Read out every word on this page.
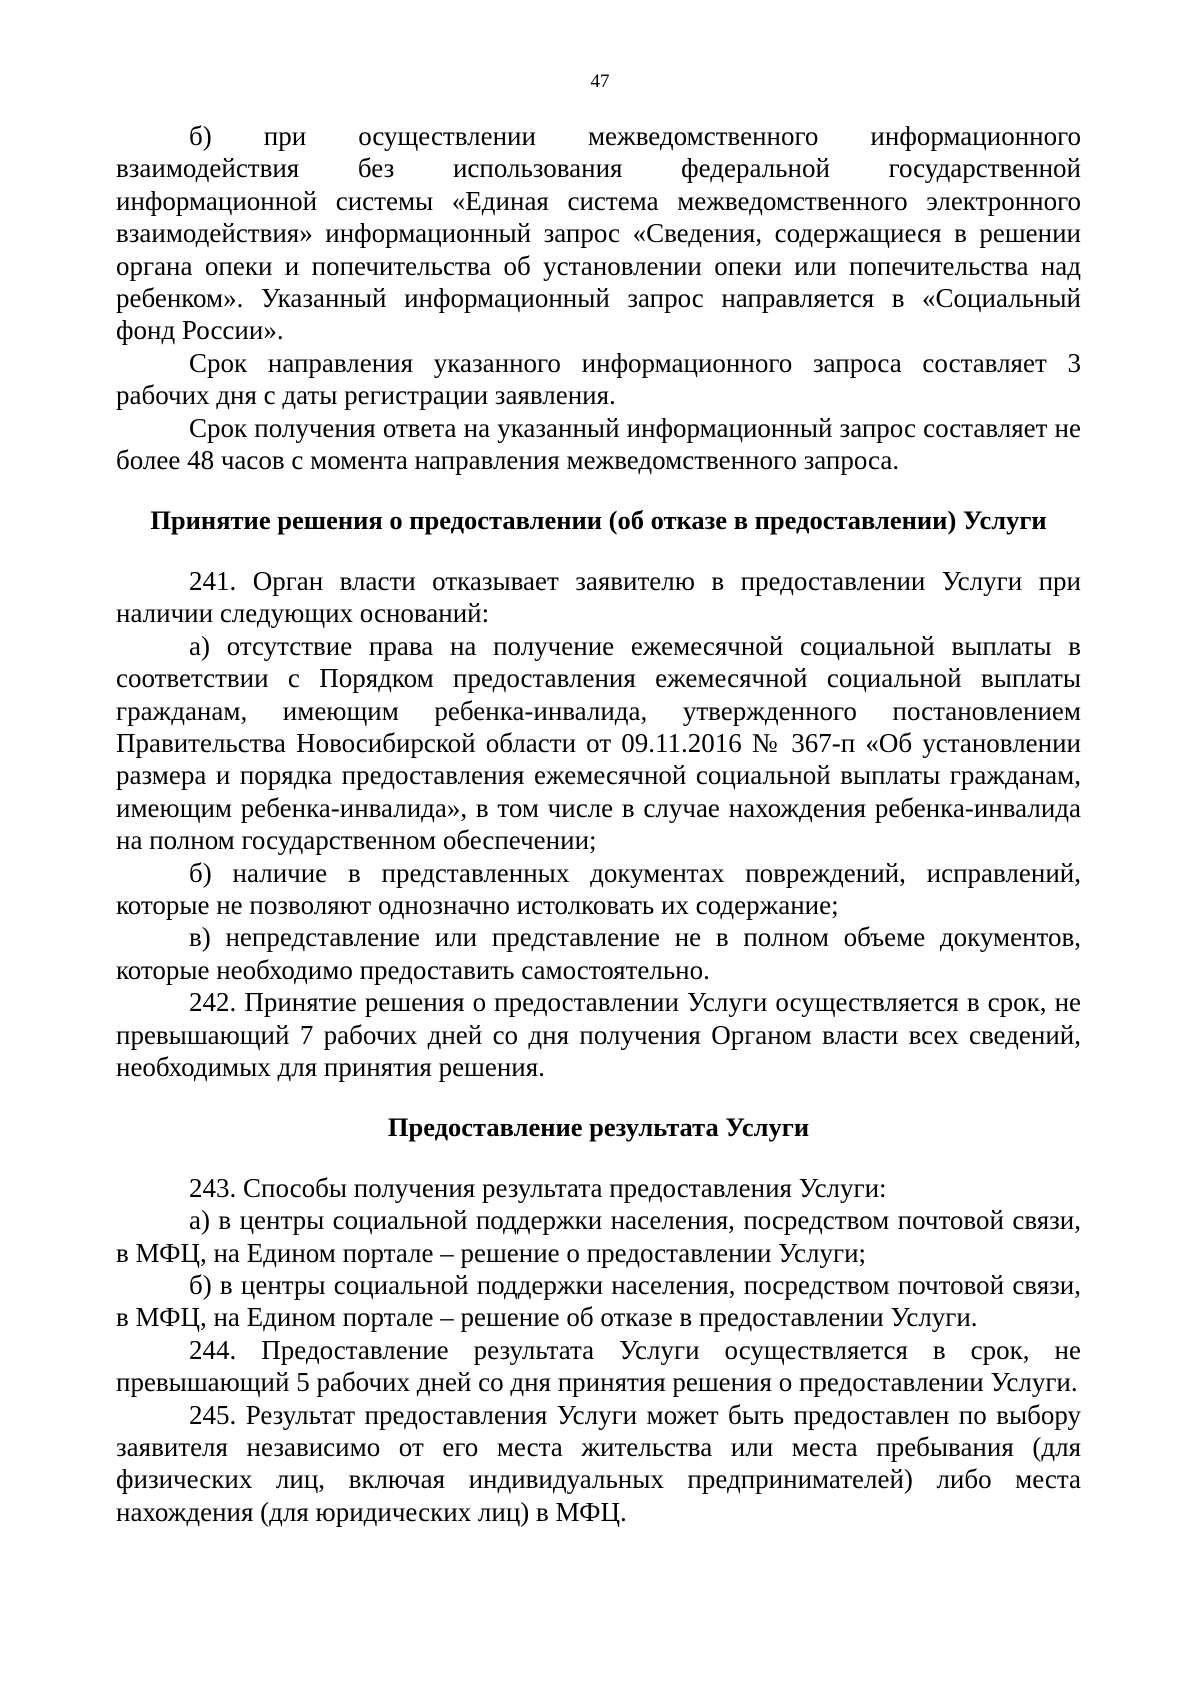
47

б) при осуществлении межведомственного информационного взаимодействия без использования федеральной государственной информационной системы «Единая система межведомственного электронного взаимодействия» информационный запрос «Сведения, содержащиеся в решении органа опеки и попечительства об установлении опеки или попечительства над ребенком». Указанный информационный запрос направляется в «Социальный фонд России».

Срок направления указанного информационного запроса составляет 3 рабочих дня с даты регистрации заявления.

Срок получения ответа на указанный информационный запрос составляет не более 48 часов с момента направления межведомственного запроса.

Принятие решения о предоставлении (об отказе в предоставлении) Услуги

241. Орган власти отказывает заявителю в предоставлении Услуги при наличии следующих оснований:

а) отсутствие права на получение ежемесячной социальной выплаты в соответствии с Порядком предоставления ежемесячной социальной выплаты гражданам, имеющим ребенка-инвалида, утвержденного постановлением Правительства Новосибирской области от 09.11.2016 № 367-п «Об установлении размера и порядка предоставления ежемесячной социальной выплаты гражданам, имеющим ребенка-инвалида», в том числе в случае нахождения ребенка-инвалида на полном государственном обеспечении;

б) наличие в представленных документах повреждений, исправлений, которые не позволяют однозначно истолковать их содержание;

в) непредставление или представление не в полном объеме документов, которые необходимо предоставить самостоятельно.

242. Принятие решения о предоставлении Услуги осуществляется в срок, не превышающий 7 рабочих дней со дня получения Органом власти всех сведений, необходимых для принятия решения.

Предоставление результата Услуги

243. Способы получения результата предоставления Услуги:

а) в центры социальной поддержки населения, посредством почтовой связи, в МФЦ, на Едином портале – решение о предоставлении Услуги;

б) в центры социальной поддержки населения, посредством почтовой связи, в МФЦ, на Едином портале – решение об отказе в предоставлении Услуги.

244. Предоставление результата Услуги осуществляется в срок, не превышающий 5 рабочих дней со дня принятия решения о предоставлении Услуги.

245. Результат предоставления Услуги может быть предоставлен по выбору заявителя независимо от его места жительства или места пребывания (для физических лиц, включая индивидуальных предпринимателей) либо места нахождения (для юридических лиц) в МФЦ.
